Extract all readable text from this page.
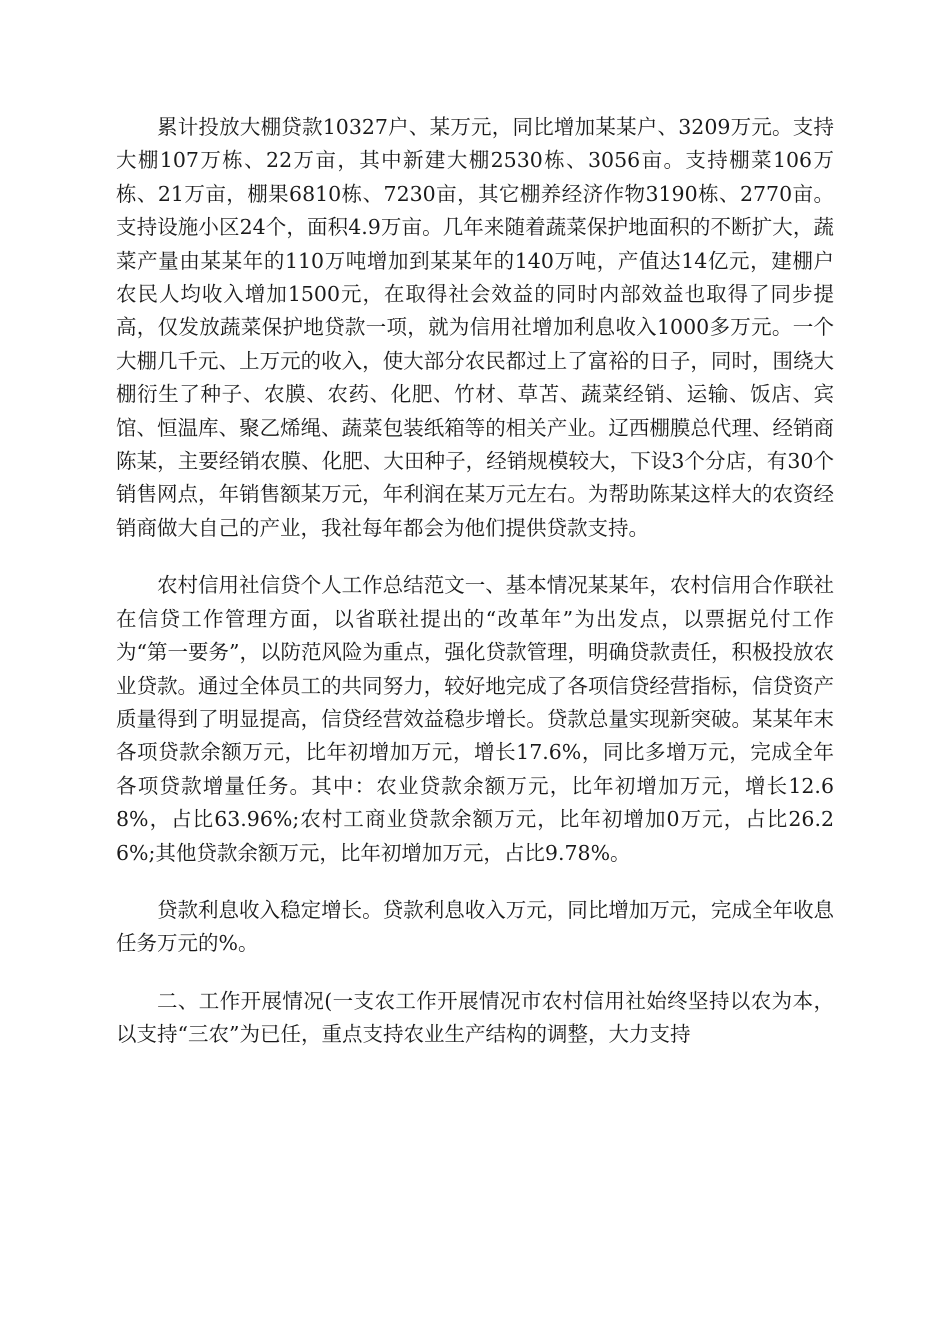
累计投放大棚贷款10327户、某万元，同比增加某某户、3209万元。支持大棚107万栋、22万亩，其中新建大棚2530栋、3056亩。支持棚菜106万栋、21万亩，棚果6810栋、7230亩，其它棚养经济作物3190栋、2770亩。支持设施小区24个，面积4.9万亩。几年来随着蔬菜保护地面积的不断扩大，蔬菜产量由某某年的110万吨增加到某某年的140万吨，产值达14亿元，建棚户农民人均收入增加1500元，在取得社会效益的同时内部效益也取得了同步提高，仅发放蔬菜保护地贷款一项，就为信用社增加利息收入1000多万元。一个大棚几千元、上万元的收入，使大部分农民都过上了富裕的日子，同时，围绕大棚衍生了种子、农膜、农药、化肥、竹材、草苫、蔬菜经销、运输、饭店、宾馆、恒温库、聚乙烯绳、蔬菜包装纸箱等的相关产业。辽西棚膜总代理、经销商陈某，主要经销农膜、化肥、大田种子，经销规模较大，下设3个分店，有30个销售网点，年销售额某万元，年利润在某万元左右。为帮助陈某这样大的农资经销商做大自己的产业，我社每年都会为他们提供贷款支持。

农村信用社信贷个人工作总结范文一、基本情况某某年，农村信用合作联社在信贷工作管理方面，以省联社提出的“改革年”为出发点，以票据兑付工作为“第一要务”，以防范风险为重点，强化贷款管理，明确贷款责任，积极投放农业贷款。通过全体员工的共同努力，较好地完成了各项信贷经营指标，信贷资产质量得到了明显提高，信贷经营效益稳步增长。贷款总量实现新突破。某某年末各项贷款余额万元，比年初增加万元，增长17.6%，同比多增万元，完成全年各项贷款增量任务。其中：农业贷款余额万元，比年初增加万元，增长12.68%，占比63.96%;农村工商业贷款余额万元，比年初增加0万元，占比26.26%;其他贷款余额万元，比年初增加万元，占比9.78%。

贷款利息收入稳定增长。贷款利息收入万元，同比增加万元，完成全年收息任务万元的%。

二、工作开展情况(一支农工作开展情况市农村信用社始终坚持以农为本，以支持“三农”为已任，重点支持农业生产结构的调整，大力支持
